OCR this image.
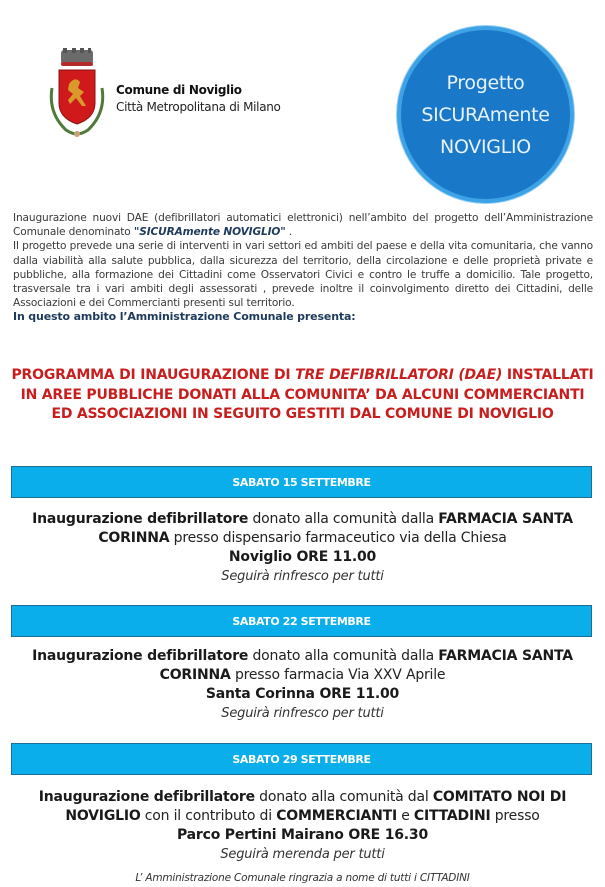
Comune di Noviglio
Città Metropolitana di Milano
Progetto
SICURAmente
NOVIGLIO
Inaugurazione nuovi DAE (defibrillatori automatici elettronici) nell’ambito del progetto dell’Amministrazione Comunale denominato "SICURAmente NOVIGLIO" .
Il progetto prevede una serie di interventi in vari settori ed ambiti del paese e della vita comunitaria, che vanno dalla viabilità alla salute pubblica, dalla sicurezza del territorio, della circolazione e delle proprietà private e pubbliche, alla formazione dei Cittadini come Osservatori Civici e contro le truffe a domicilio. Tale progetto, trasversale tra i vari ambiti degli assessorati , prevede inoltre il coinvolgimento diretto dei Cittadini, delle Associazioni e dei Commercianti presenti sul territorio.
In questo ambito l’Amministrazione Comunale presenta:
PROGRAMMA DI INAUGURAZIONE DI TRE DEFIBRILLATORI (DAE) INSTALLATI IN AREE PUBBLICHE DONATI ALLA COMUNITA’ DA ALCUNI COMMERCIANTI ED ASSOCIAZIONI IN SEGUITO GESTITI DAL COMUNE DI NOVIGLIO
SABATO 15 SETTEMBRE
Inaugurazione defibrillatore donato alla comunità dalla FARMACIA SANTA CORINNA presso dispensario farmaceutico via della Chiesa
Noviglio ORE 11.00
Seguirà rinfresco per tutti
SABATO 22 SETTEMBRE
Inaugurazione defibrillatore donato alla comunità dalla FARMACIA SANTA CORINNA presso farmacia Via XXV Aprile
Santa Corinna ORE 11.00
Seguirà rinfresco per tutti
SABATO 29 SETTEMBRE
Inaugurazione defibrillatore donato alla comunità dal COMITATO NOI DI NOVIGLIO con il contributo di COMMERCIANTI e CITTADINI presso
Parco Pertini Mairano ORE 16.30
Seguirà merenda per tutti
L’ Amministrazione Comunale ringrazia a nome di tutti i CITTADINI
